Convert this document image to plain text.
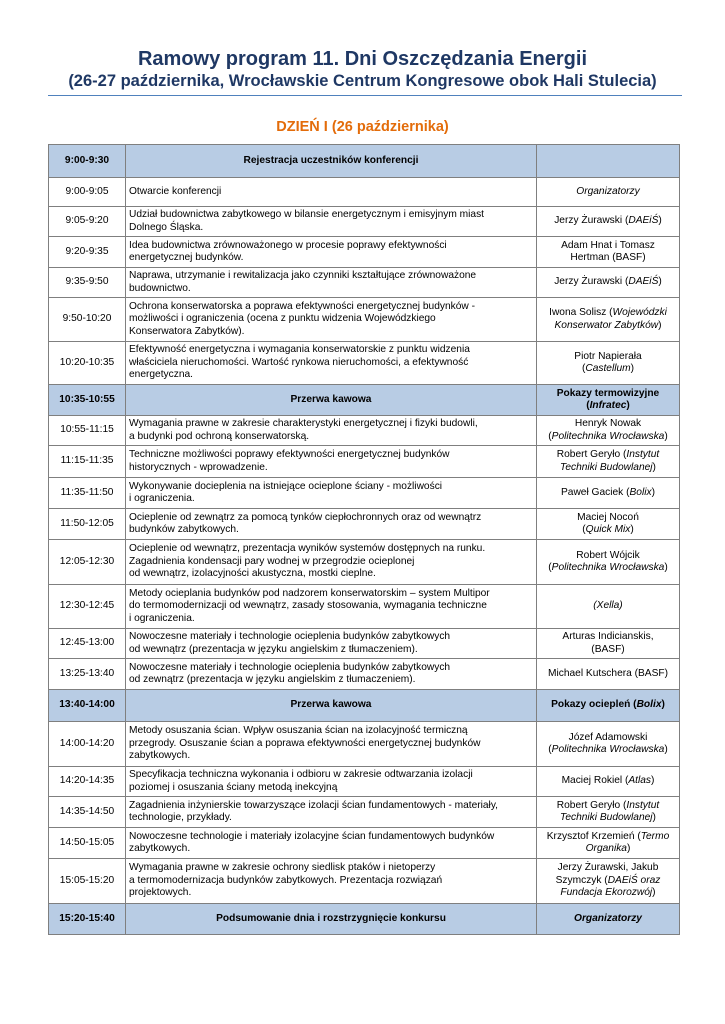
Ramowy program 11. Dni Oszczędzania Energii
(26-27 października, Wrocławskie Centrum Kongresowe obok Hali Stulecia)
DZIEŃ I (26 października)
9:00-9:30	Rejestracja uczestników konferencji	
9:00-9:05	Otwarcie konferencji	Organizatorzy
9:05-9:20	Udział budownictwa zabytkowego w bilansie energetycznym i emisyjnym miast
Dolnego Śląska.	Jerzy Żurawski (DAEiŚ)
9:20-9:35	Idea budownictwa zrównoważonego w procesie poprawy efektywności
energetycznej budynków.	Adam Hnat i Tomasz
Hertman (BASF)
9:35-9:50	Naprawa, utrzymanie i rewitalizacja jako czynniki kształtujące zrównoważone
budownictwo.	Jerzy Żurawski (DAEiŚ)
9:50-10:20	Ochrona konserwatorska a poprawa efektywności energetycznej budynków -
możliwości i ograniczenia (ocena z punktu widzenia Wojewódzkiego
Konserwatora Zabytków).	Iwona Solisz (Wojewódzki
Konserwator Zabytków)
10:20-10:35	Efektywność energetyczna i wymagania konserwatorskie z punktu widzenia
właściciela nieruchomości. Wartość rynkowa nieruchomości, a efektywność
energetyczna.	Piotr Napierała
(Castellum)
10:35-10:55	Przerwa kawowa	Pokazy termowizyjne
(Infratec)
10:55-11:15	Wymagania prawne w zakresie charakterystyki energetycznej i fizyki budowli,
a budynki pod ochroną konserwatorską.	Henryk Nowak
(Politechnika Wrocławska)
11:15-11:35	Techniczne możliwości poprawy efektywności energetycznej budynków
historycznych - wprowadzenie.	Robert Geryło (Instytut
Techniki Budowlanej)
11:35-11:50	Wykonywanie docieplenia na istniejące ocieplone ściany - możliwości
i ograniczenia.	Paweł Gaciek (Bolix)
11:50-12:05	Ocieplenie od zewnątrz za pomocą tynków ciepłochronnych oraz od wewnątrz
budynków zabytkowych.	Maciej Nocoń
(Quick Mix)
12:05-12:30	Ocieplenie od wewnątrz, prezentacja wyników systemów dostępnych na runku.
Zagadnienia kondensacji pary wodnej w przegrodzie ocieplonej
od wewnątrz, izolacyjności akustyczna, mostki cieplne.	Robert Wójcik
(Politechnika Wrocławska)
12:30-12:45	Metody ocieplania budynków pod nadzorem konserwatorskim – system Multipor
do termomodernizacji od wewnątrz, zasady stosowania, wymagania techniczne
i ograniczenia.	(Xella)
12:45-13:00	Nowoczesne materiały i technologie ocieplenia budynków zabytkowych
od wewnątrz (prezentacja w języku angielskim z tłumaczeniem).	Arturas Indicianskis,
(BASF)
13:25-13:40	Nowoczesne materiały i technologie ocieplenia budynków zabytkowych
od zewnątrz (prezentacja w języku angielskim z tłumaczeniem).	Michael Kutschera (BASF)
13:40-14:00	Przerwa kawowa	Pokazy ociepleń (Bolix)
14:00-14:20	Metody osuszania ścian. Wpływ osuszania ścian na izolacyjność termiczną
przegrody. Osuszanie ścian a poprawa efektywności energetycznej budynków
zabytkowych.	Józef Adamowski
(Politechnika Wrocławska)
14:20-14:35	Specyfikacja techniczna wykonania i odbioru w zakresie odtwarzania izolacji
poziomej i osuszania ściany metodą inekcyjną	Maciej Rokiel (Atlas)
14:35-14:50	Zagadnienia inżynierskie towarzyszące izolacji ścian fundamentowych - materiały,
technologie, przykłady.	Robert Geryło (Instytut
Techniki Budowlanej)
14:50-15:05	Nowoczesne technologie i materiały izolacyjne ścian fundamentowych budynków
zabytkowych.	Krzysztof Krzemień (Termo
Organika)
15:05-15:20	Wymagania prawne w zakresie ochrony siedlisk ptaków i nietoperzy
a termomodernizacja budynków zabytkowych. Prezentacja rozwiązań
projektowych.	Jerzy Żurawski, Jakub
Szymczyk (DAEiŚ oraz
Fundacja Ekorozwój)
15:20-15:40	Podsumowanie dnia i rozstrzygnięcie konkursu	Organizatorzy
